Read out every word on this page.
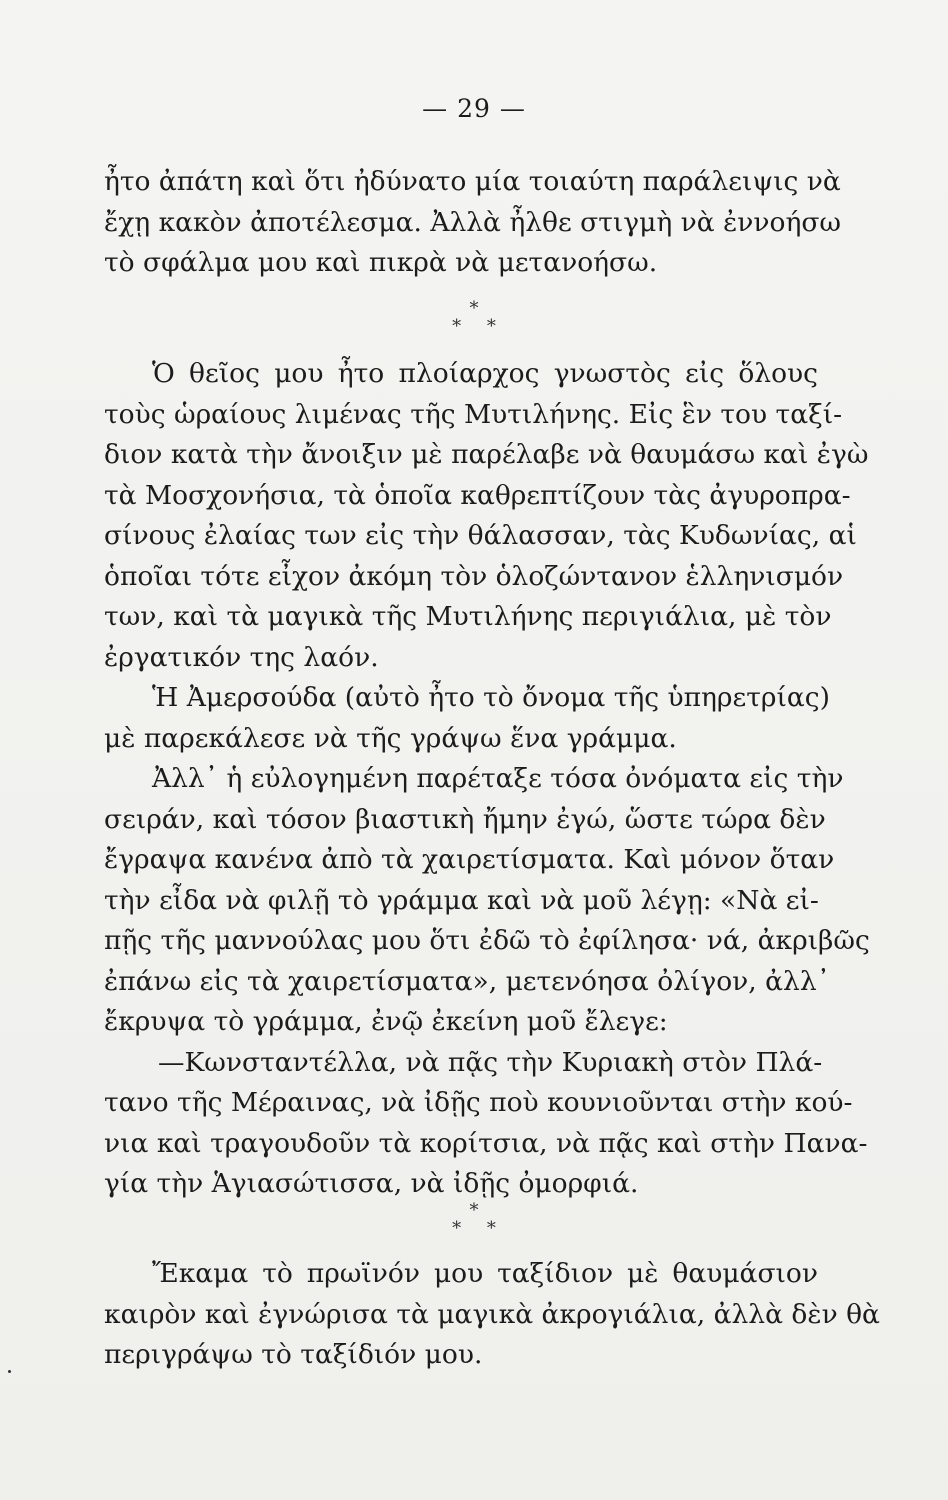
— 29 —
ἦτο ἀπάτη καὶ ὅτι ἠδύνατο μία τοιαύτη παράλειψις νὰ
ἔχῃ κακὸν ἀποτέλεσμα. Ἀλλὰ ἦλθε στιγμὴ νὰ ἐννοήσω
τὸ σφάλμα μου καὶ πικρὰ νὰ μετανοήσω.
*
* *
Ὁ θεῖος μου ἦτο πλοίαρχος γνωστὸς εἰς ὅλους
τοὺς ὡραίους λιμένας τῆς Μυτιλήνης. Εἰς ἓν του ταξί-
διον κατὰ τὴν ἄνοιξιν μὲ παρέλαβε νὰ θαυμάσω καὶ ἐγὼ
τὰ Μοσχονήσια, τὰ ὁποῖα καθρεπτίζουν τὰς ἀγυροπρα-
σίνους ἐλαίας των εἰς τὴν θάλασσαν, τὰς Κυδωνίας, αἱ
ὁποῖαι τότε εἶχον ἀκόμη τὸν ὁλοζώντανον ἑλληνισμόν
των, καὶ τὰ μαγικὰ τῆς Μυτιλήνης περιγιάλια, μὲ τὸν
ἐργατικόν της λαόν.
Ἡ Ἀμερσούδα (αὐτὸ ἦτο τὸ ὄνομα τῆς ὑπηρετρίας)
μὲ παρεκάλεσε νὰ τῆς γράψω ἕνα γράμμα.
Ἀλλ᾽ ἡ εὐλογημένη παρέταξε τόσα ὀνόματα εἰς τὴν
σειράν, καὶ τόσον βιαστικὴ ἤμην ἐγώ, ὥστε τώρα δὲν
ἔγραψα κανένα ἀπὸ τὰ χαιρετίσματα. Καὶ μόνον ὅταν
τὴν εἶδα νὰ φιλῇ τὸ γράμμα καὶ νὰ μοῦ λέγῃ: «Νὰ εἰ-
πῇς τῆς μαννούλας μου ὅτι ἐδῶ τὸ ἐφίλησα· νά, ἀκριβῶς
ἐπάνω εἰς τὰ χαιρετίσματα», μετενόησα ὀλίγον, ἀλλ᾽
ἔκρυψα τὸ γράμμα, ἐνῷ ἐκείνη μοῦ ἔλεγε:
—Κωνσταντέλλα, νὰ πᾷς τὴν Κυριακὴ στὸν Πλά-
τανο τῆς Μέραινας, νὰ ἰδῇς ποὺ κουνιοῦνται στὴν κού-
νια καὶ τραγουδοῦν τὰ κορίτσια, νὰ πᾷς καὶ στὴν Πανα-
γία τὴν Ἁγιασώτισσα, νὰ ἰδῇς ὀμορφιά.
*
* *
Ἔκαμα τὸ πρωϊνόν μου ταξίδιον μὲ θαυμάσιον
καιρὸν καὶ ἐγνώρισα τὰ μαγικὰ ἀκρογιάλια, ἀλλὰ δὲν θὰ
περιγράψω τὸ ταξίδιόν μου.
